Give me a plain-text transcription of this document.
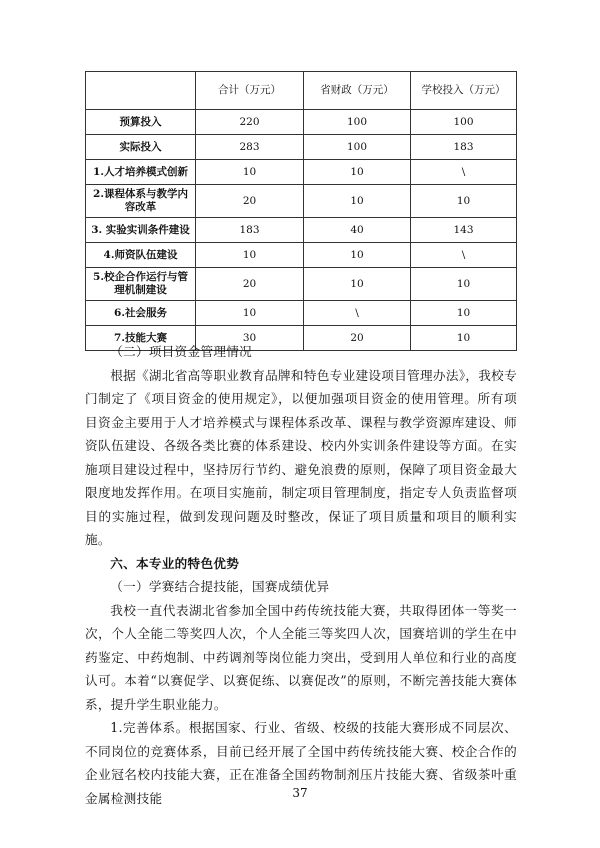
	合计（万元）	省财政（万元）	学校投入（万元）
预算投入	220	100	100
实际投入	283	100	183
1.人才培养模式创新	10	10	\
2.课程体系与教学内容改革	20	10	10
3. 实验实训条件建设	183	40	143
4.师资队伍建设	10	10	\
5.校企合作运行与管理机制建设	20	10	10
6.社会服务	10	\	10
7.技能大赛	30	20	10

（二）项目资金管理情况

根据《湖北省高等职业教育品牌和特色专业建设项目管理办法》，我校专门制定了《项目资金的使用规定》，以便加强项目资金的使用管理。所有项目资金主要用于人才培养模式与课程体系改革、课程与教学资源库建设、师资队伍建设、各级各类比赛的体系建设、校内外实训条件建设等方面。在实施项目建设过程中，坚持厉行节约、避免浪费的原则，保障了项目资金最大限度地发挥作用。在项目实施前，制定项目管理制度，指定专人负责监督项目的实施过程，做到发现问题及时整改，保证了项目质量和项目的顺利实施。

六、本专业的特色优势

（一）学赛结合提技能，国赛成绩优异

我校一直代表湖北省参加全国中药传统技能大赛，共取得团体一等奖一次，个人全能二等奖四人次，个人全能三等奖四人次，国赛培训的学生在中药鉴定、中药炮制、中药调剂等岗位能力突出，受到用人单位和行业的高度认可。本着“以赛促学、以赛促练、以赛促改”的原则，不断完善技能大赛体系，提升学生职业能力。

1.完善体系。根据国家、行业、省级、校级的技能大赛形成不同层次、不同岗位的竞赛体系，目前已经开展了全国中药传统技能大赛、校企合作的企业冠名校内技能大赛，正在准备全国药物制剂压片技能大赛、省级茶叶重金属检测技能	37
